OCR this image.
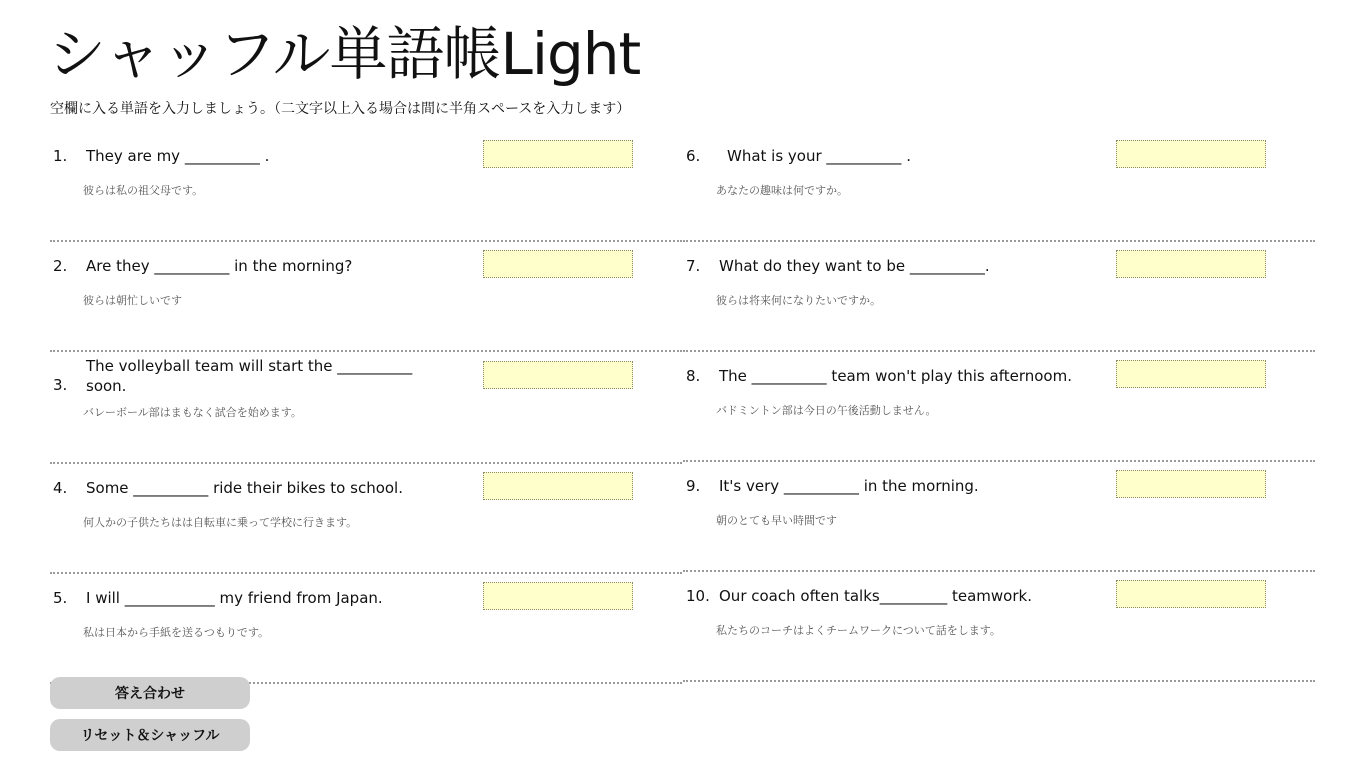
シャッフル単語帳Light
空欄に入る単語を入力しましょう。（二文字以上入る場合は間に半角スペースを入力します）
1. They are my __________ .
彼らは私の祖父母です。
2. Are they __________ in the morning?
彼らは朝忙しいです
3.
The volleyball team will start the __________ soon.
バレーボール部はまもなく試合を始めます。
4. Some __________ ride their bikes to school.
何人かの子供たちはは自転車に乗って学校に行きます。
5. I will ____________ my friend from Japan.
私は日本から手紙を送るつもりです。
6. What is your __________ .
あなたの趣味は何ですか。
7. What do they want to be __________.
彼らは将来何になりたいですか。
8. The __________ team won't play this afternoom.
バドミントン部は今日の午後活動しません。
9. It's very __________ in the morning.
朝のとても早い時間です
10. Our coach often talks_________ teamwork.
私たちのコーチはよくチームワークについて話をします。
答え合わせ
リセット＆シャッフル
